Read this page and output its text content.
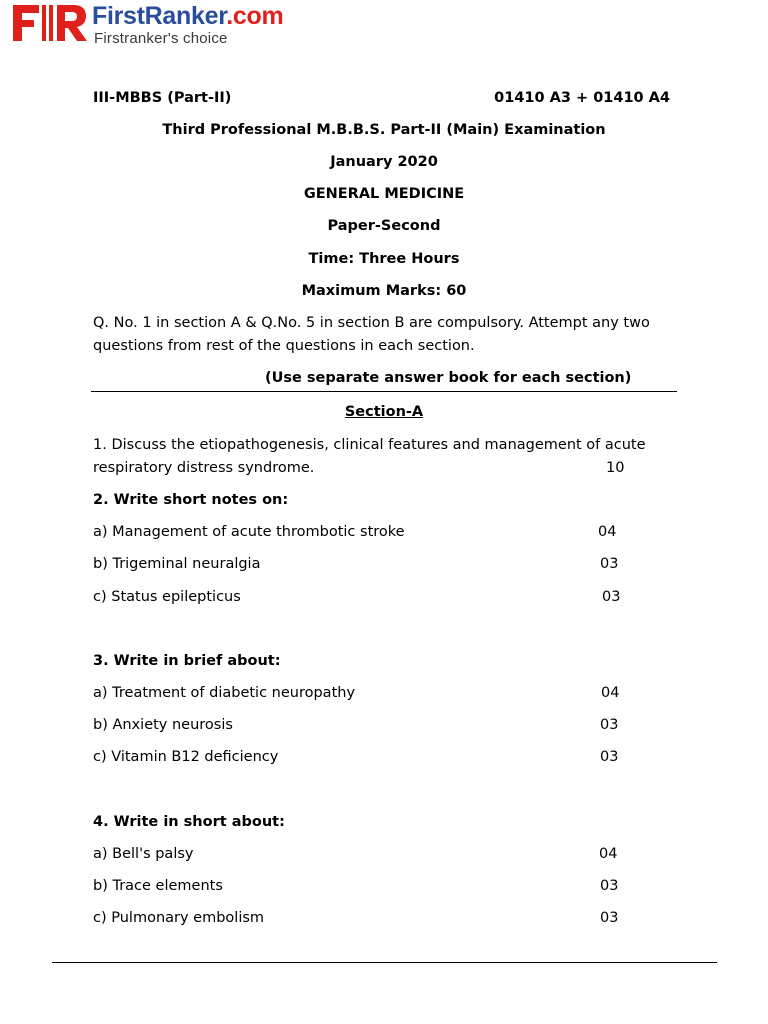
FirstRanker.com
Firstranker's choice
III-MBBS (Part-II)	01410 A3 + 01410 A4
Third Professional M.B.B.S. Part-II (Main) Examination
January 2020
GENERAL MEDICINE
Paper-Second
Time: Three Hours
Maximum Marks: 60
Q. No. 1 in section A & Q.No. 5 in section B are compulsory. Attempt any two
questions from rest of the questions in each section.
(Use separate answer book for each section)
Section-A
1. Discuss the etiopathogenesis, clinical features and management of acute
respiratory distress syndrome.	10
2. Write short notes on:
a) Management of acute thrombotic stroke	04
b) Trigeminal neuralgia	03
c) Status epilepticus	03
3. Write in brief about:
a) Treatment of diabetic neuropathy	04
b) Anxiety neurosis	03
c) Vitamin B12 deficiency	03
4. Write in short about:
a) Bell's palsy	04
b) Trace elements	03
c) Pulmonary embolism	03
